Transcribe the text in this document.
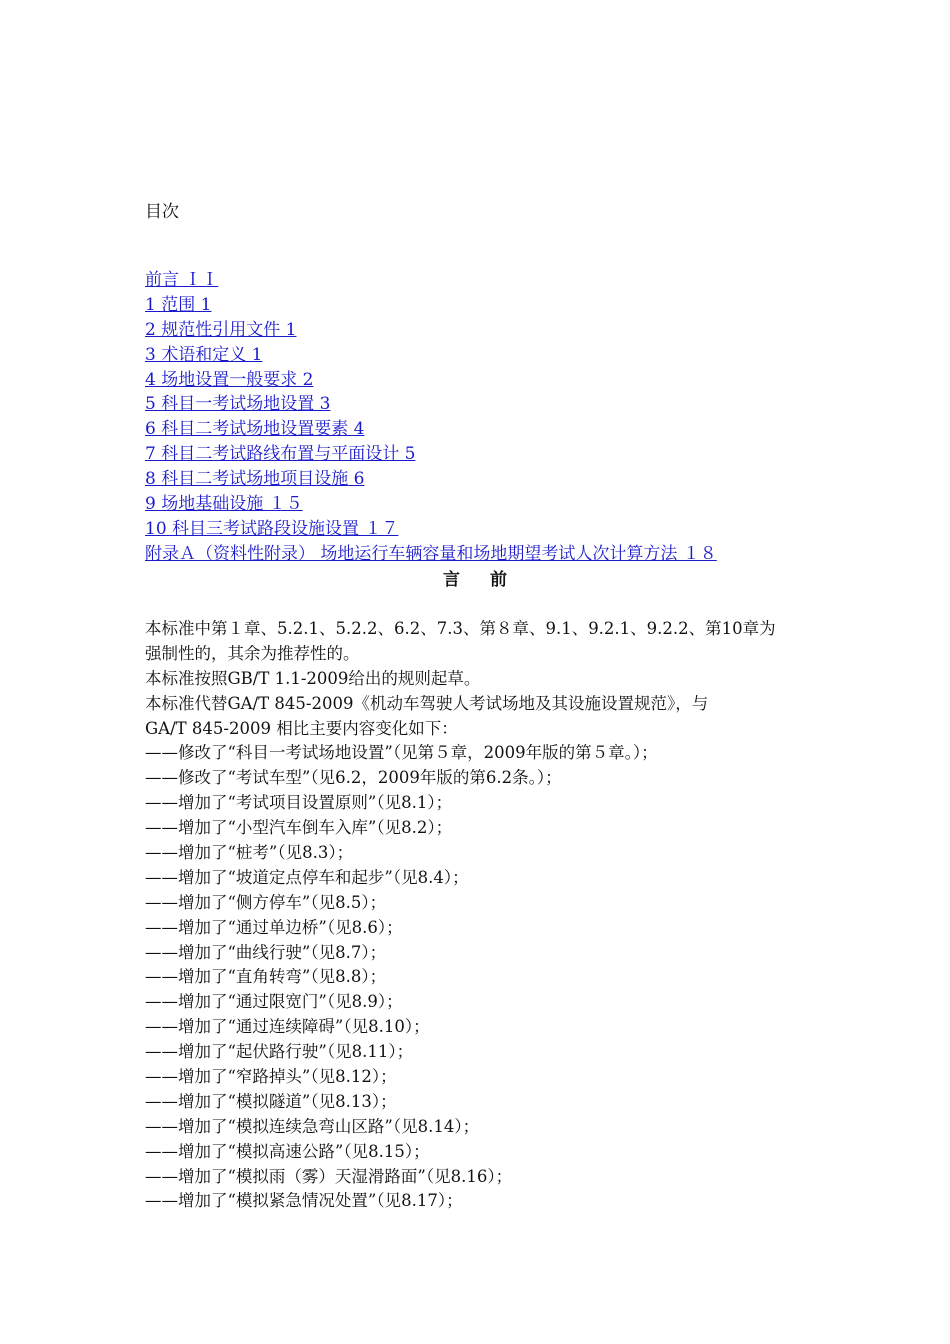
目次
前言 ＩＩ
1 范围 1
2 规范性引用文件 1
3 术语和定义 1
4 场地设置一般要求 2
5 科目一考试场地设置 3
6 科目二考试场地设置要素 4
7 科目二考试路线布置与平面设计 5
8 科目二考试场地项目设施 6
9 场地基础设施 １５
10 科目三考试路段设施设置 １７
附录Ａ（资料性附录） 场地运行车辆容量和场地期望考试人次计算方法 １８
言 前
本标准中第１章、5.2.1、5.2.2、6.2、7.3、第８章、9.1、9.2.1、9.2.2、第10章为
强制性的，其余为推荐性的。
本标准按照GB/T 1.1-2009给出的规则起草。
本标准代替GA/T 845-2009《机动车驾驶人考试场地及其设施设置规范》，与
GA/T 845-2009 相比主要内容变化如下：
——修改了“科目一考试场地设置”（见第５章，2009年版的第５章。）；
——修改了“考试车型”（见6.2，2009年版的第6.2条。）；
——增加了“考试项目设置原则”（见8.1）；
——增加了“小型汽车倒车入库”（见8.2）；
——增加了“桩考”（见8.3）；
——增加了“坡道定点停车和起步”（见8.4）；
——增加了“侧方停车”（见8.5）；
——增加了“通过单边桥”（见8.6）；
——增加了“曲线行驶”（见8.7）；
——增加了“直角转弯”（见8.8）；
——增加了“通过限宽门”（见8.9）；
——增加了“通过连续障碍”（见8.10）；
——增加了“起伏路行驶”（见8.11）；
——增加了“窄路掉头”（见8.12）；
——增加了“模拟隧道”（见8.13）；
——增加了“模拟连续急弯山区路”（见8.14）；
——增加了“模拟高速公路”（见8.15）；
——增加了“模拟雨（雾）天湿滑路面”（见8.16）；
——增加了“模拟紧急情况处置”（见8.17）；
